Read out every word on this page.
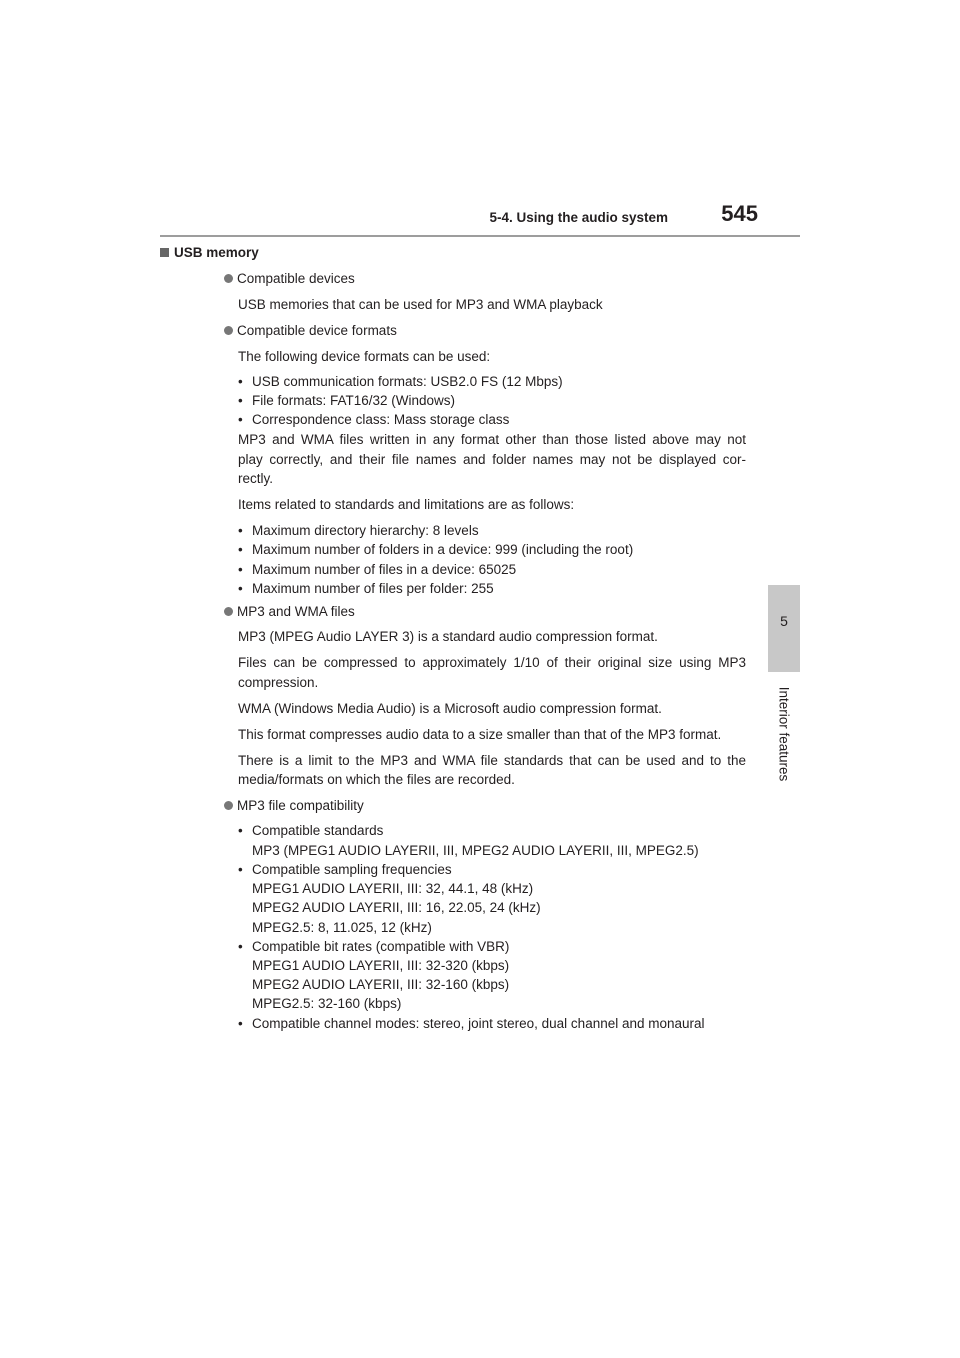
5-4. Using the audio system 545
5
Interior features
USB memory
Compatible devices
USB memories that can be used for MP3 and WMA playback
Compatible device formats
The following device formats can be used:
• USB communication formats: USB2.0 FS (12 Mbps)
• File formats: FAT16/32 (Windows)
• Correspondence class: Mass storage class
MP3 and WMA files written in any format other than those listed above may not
play correctly, and their file names and folder names may not be displayed cor-
rectly.
Items related to standards and limitations are as follows:
• Maximum directory hierarchy: 8 levels
• Maximum number of folders in a device: 999 (including the root)
• Maximum number of files in a device: 65025
• Maximum number of files per folder: 255
MP3 and WMA files
MP3 (MPEG Audio LAYER 3) is a standard audio compression format.
Files can be compressed to approximately 1/10 of their original size using MP3
compression.
WMA (Windows Media Audio) is a Microsoft audio compression format.
This format compresses audio data to a size smaller than that of the MP3 format.
There is a limit to the MP3 and WMA file standards that can be used and to the
media/formats on which the files are recorded.
MP3 file compatibility
• Compatible standards
MP3 (MPEG1 AUDIO LAYERII, III, MPEG2 AUDIO LAYERII, III, MPEG2.5)
• Compatible sampling frequencies
MPEG1 AUDIO LAYERII, III: 32, 44.1, 48 (kHz)
MPEG2 AUDIO LAYERII, III: 16, 22.05, 24 (kHz)
MPEG2.5: 8, 11.025, 12 (kHz)
• Compatible bit rates (compatible with VBR)
MPEG1 AUDIO LAYERII, III: 32-320 (kbps)
MPEG2 AUDIO LAYERII, III: 32-160 (kbps)
MPEG2.5: 32-160 (kbps)
• Compatible channel modes: stereo, joint stereo, dual channel and monaural
